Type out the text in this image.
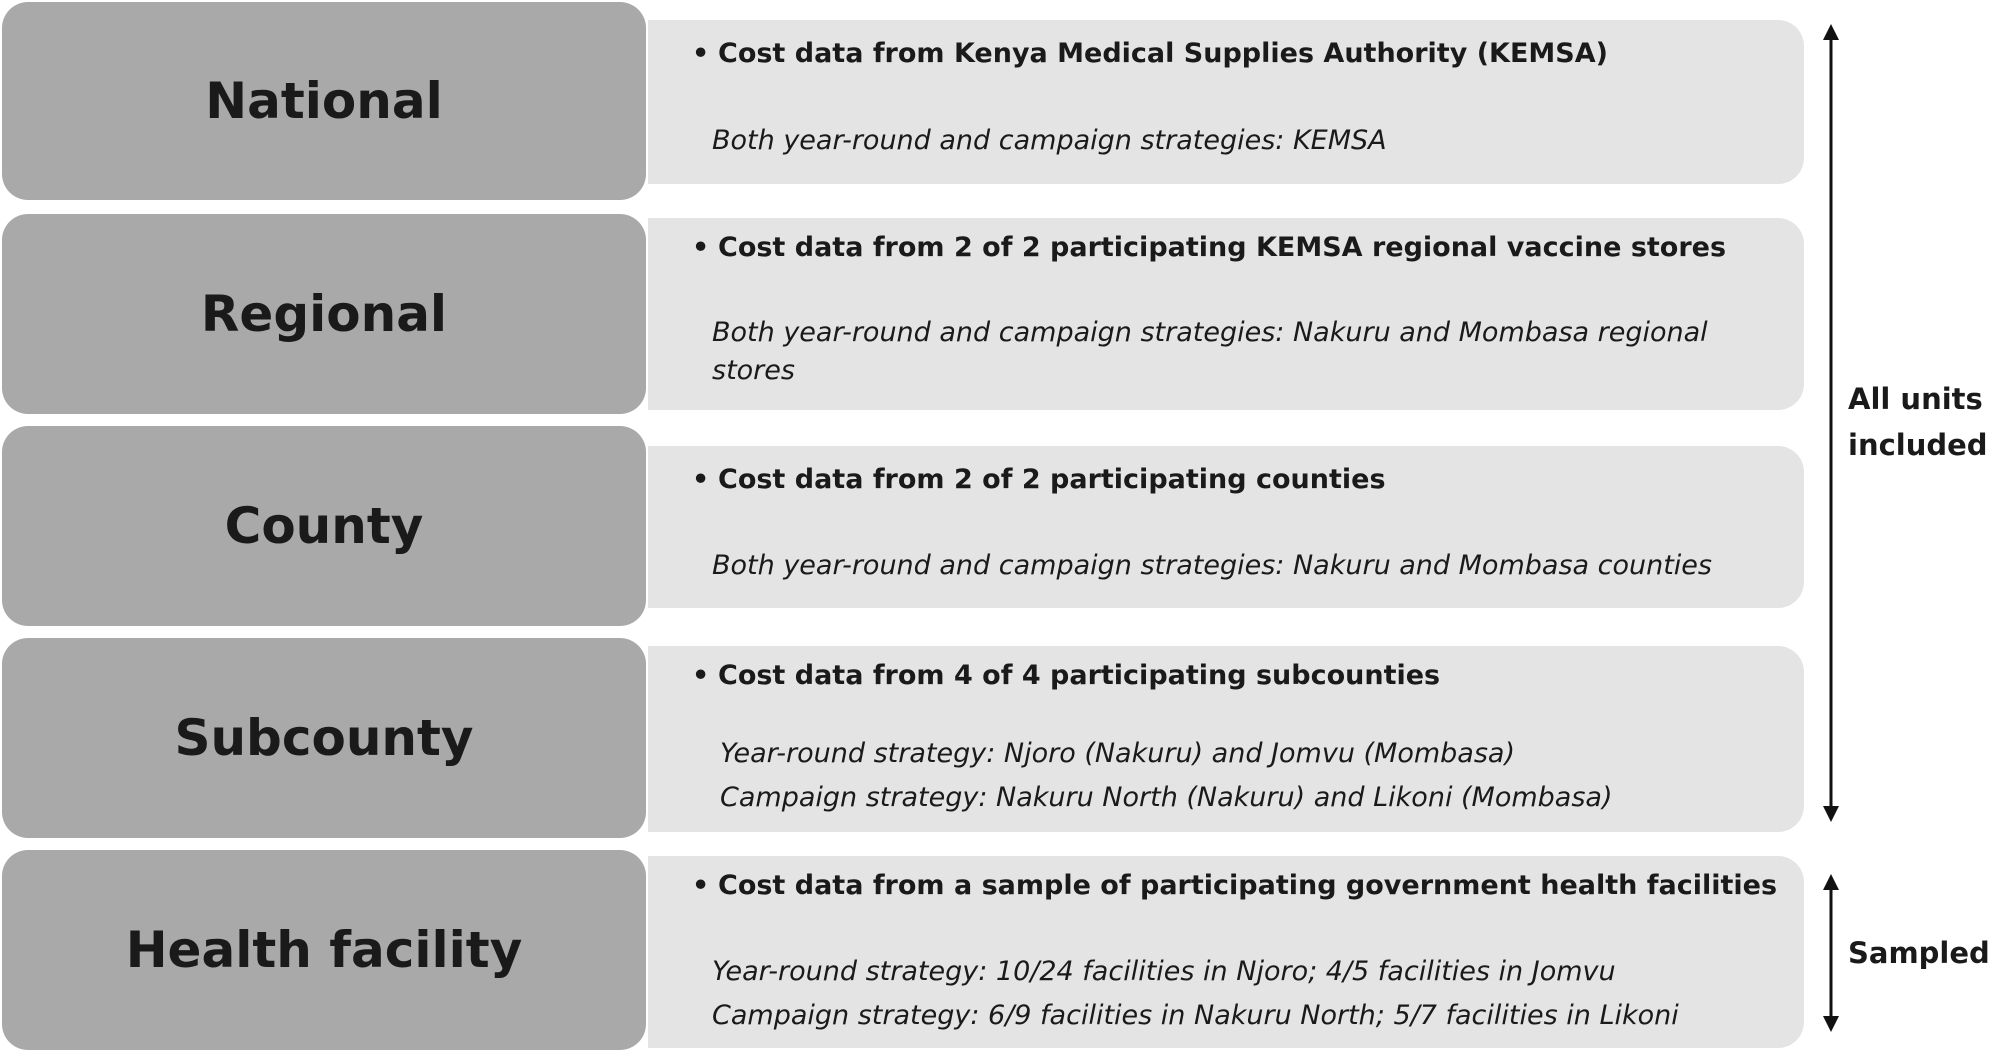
National
Regional
County
Subcounty
Health facility
• Cost data from Kenya Medical Supplies Authority (KEMSA)
Both year-round and campaign strategies: KEMSA
• Cost data from 2 of 2 participating KEMSA regional vaccine stores
Both year-round and campaign strategies: Nakuru and Mombasa regional stores
• Cost data from 2 of 2 participating counties
Both year-round and campaign strategies: Nakuru and Mombasa counties
• Cost data from 4 of 4 participating subcounties
Year-round strategy: Njoro (Nakuru) and Jomvu (Mombasa)
Campaign strategy: Nakuru North (Nakuru) and Likoni (Mombasa)
• Cost data from a sample of participating government health facilities
Year-round strategy: 10/24 facilities in Njoro; 4/5 facilities in Jomvu
Campaign strategy: 6/9 facilities in Nakuru North; 5/7 facilities in Likoni
All units included
Sampled
